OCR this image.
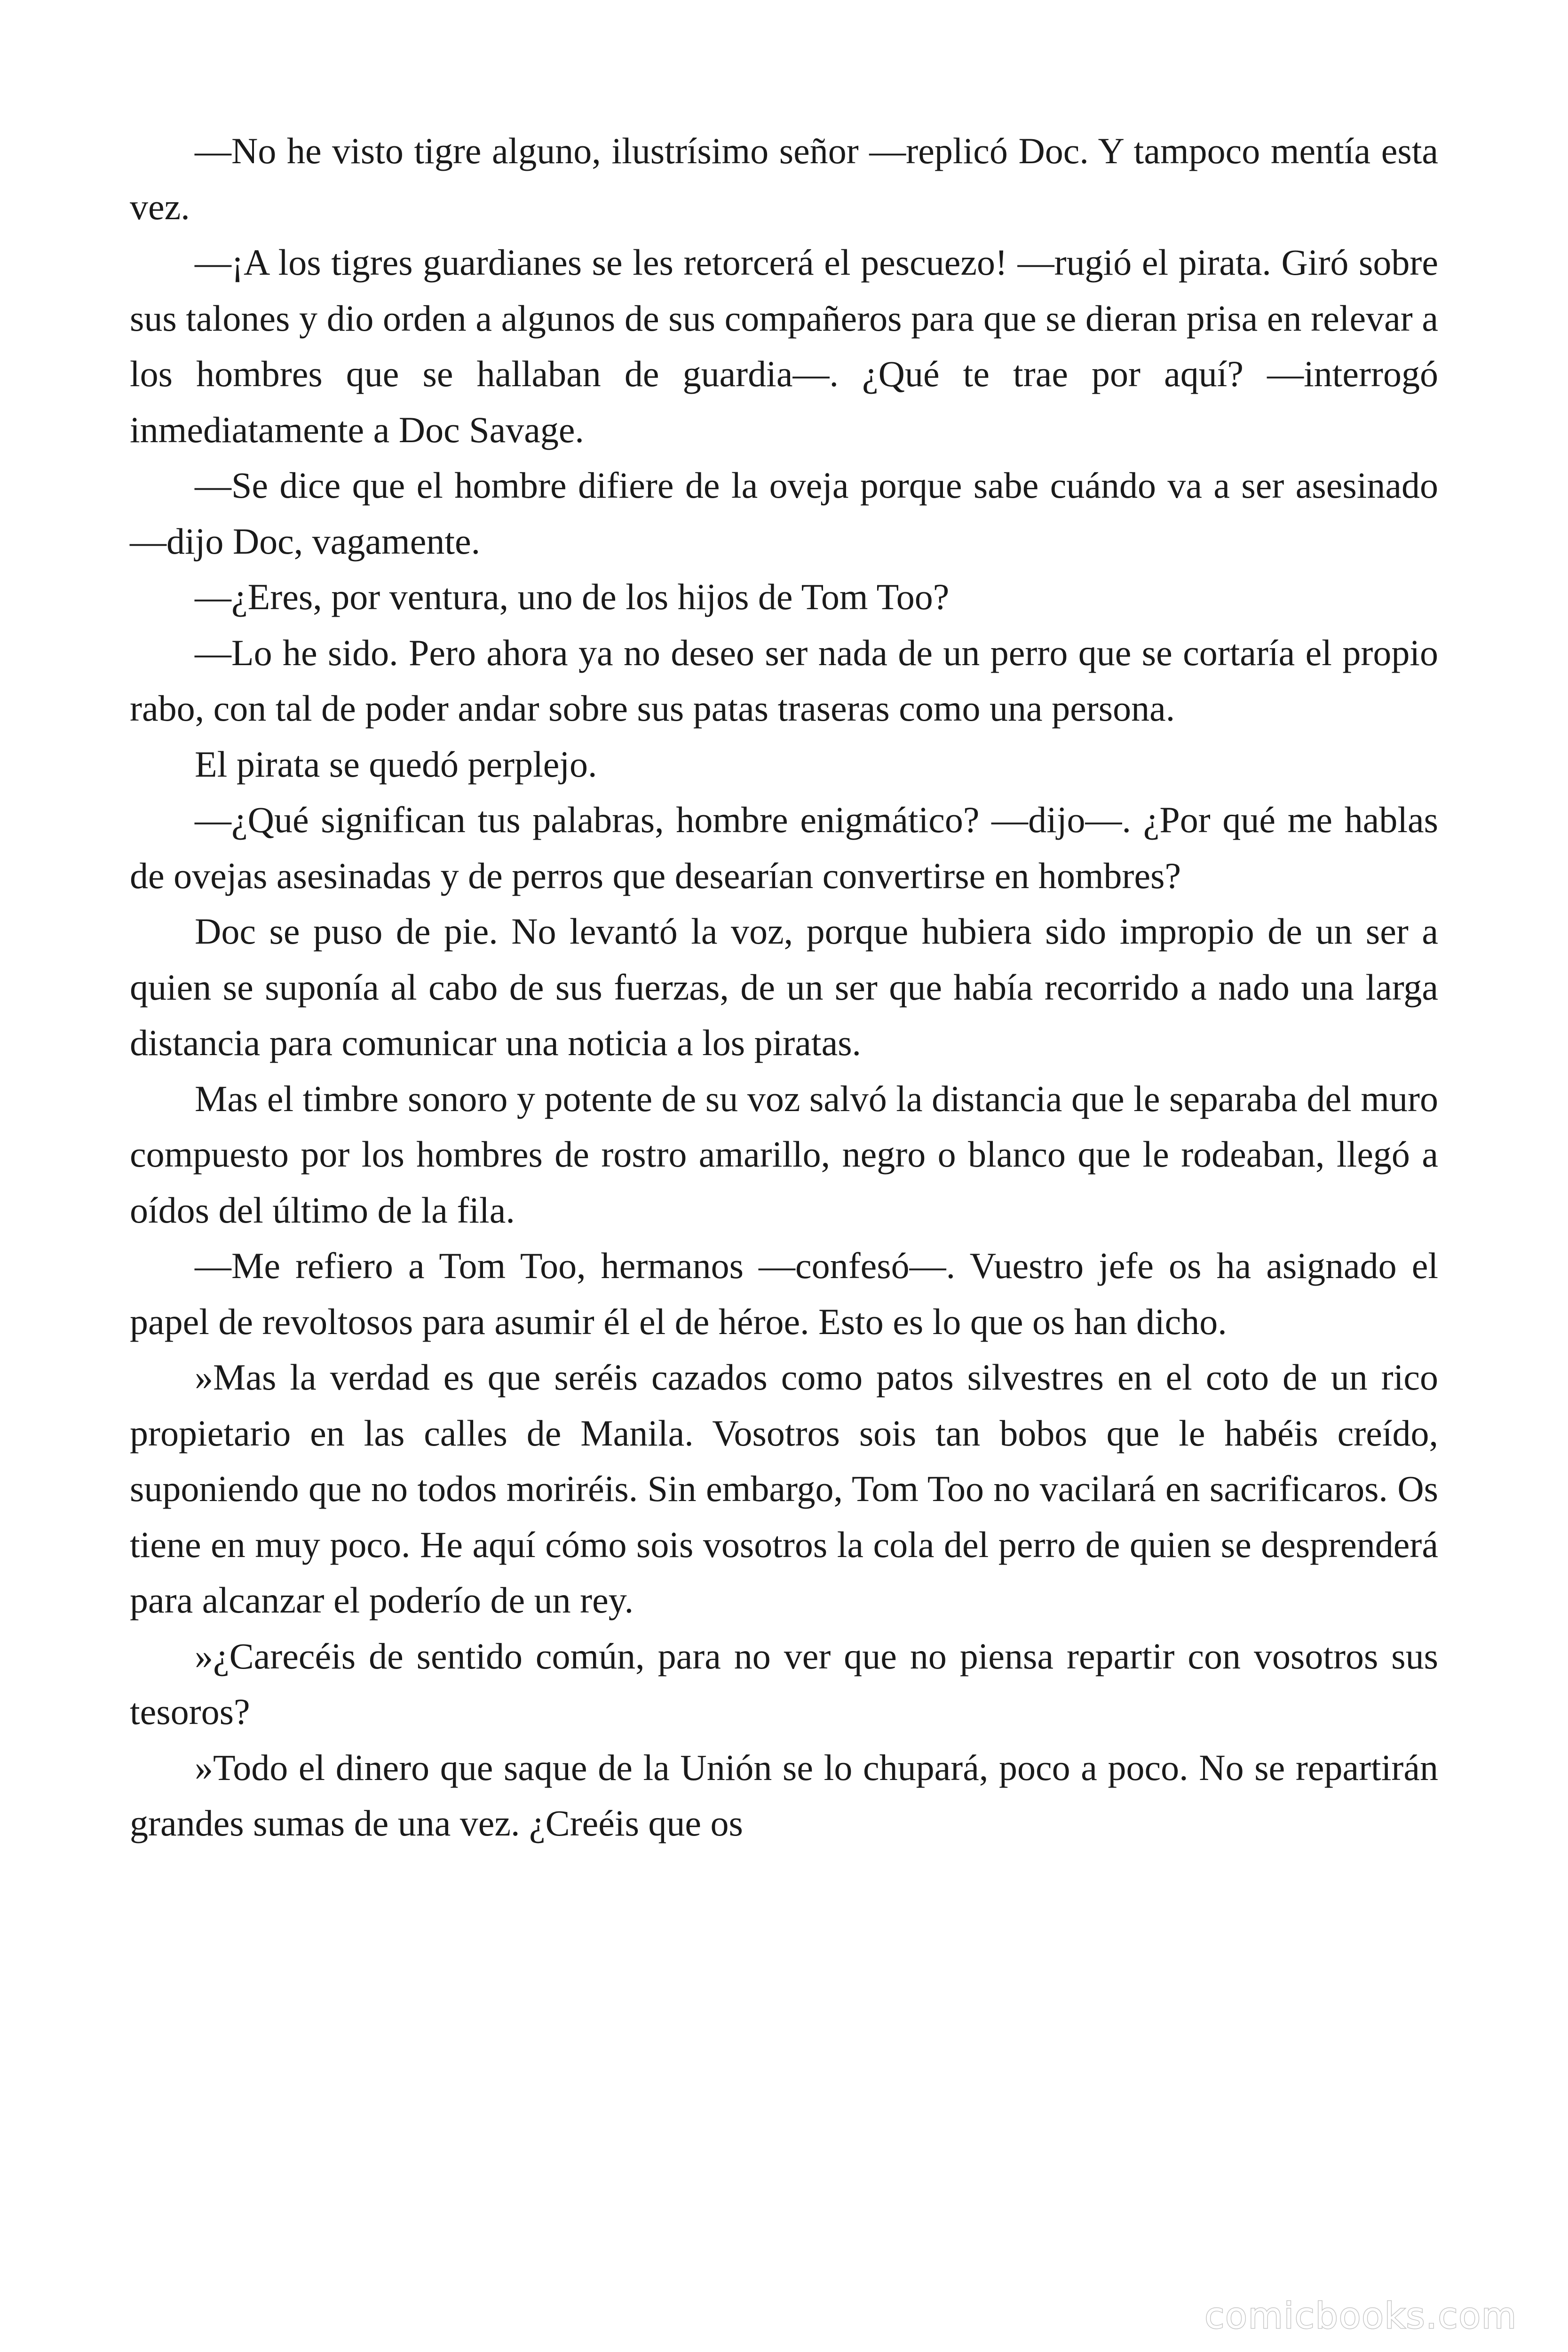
—No he visto tigre alguno, ilustrísimo señor —replicó Doc. Y tampoco mentía esta vez.

—¡A los tigres guardianes se les retorcerá el pescuezo! —rugió el pirata. Giró sobre sus talones y dio orden a algunos de sus compañeros para que se dieran prisa en relevar a los hombres que se hallaban de guardia—. ¿Qué te trae por aquí? —interrogó inmediatamente a Doc Savage.

—Se dice que el hombre difiere de la oveja porque sabe cuándo va a ser asesinado —dijo Doc, vagamente.

—¿Eres, por ventura, uno de los hijos de Tom Too?

—Lo he sido. Pero ahora ya no deseo ser nada de un perro que se cortaría el propio rabo, con tal de poder andar sobre sus patas traseras como una persona.

El pirata se quedó perplejo.

—¿Qué significan tus palabras, hombre enigmático? —dijo—. ¿Por qué me hablas de ovejas asesinadas y de perros que desearían convertirse en hombres?

Doc se puso de pie. No levantó la voz, porque hubiera sido impropio de un ser a quien se suponía al cabo de sus fuerzas, de un ser que había recorrido a nado una larga distancia para comunicar una noticia a los piratas.

Mas el timbre sonoro y potente de su voz salvó la distancia que le separaba del muro compuesto por los hombres de rostro amarillo, negro o blanco que le rodeaban, llegó a oídos del último de la fila.

—Me refiero a Tom Too, hermanos —confesó—. Vuestro jefe os ha asignado el papel de revoltosos para asumir él el de héroe. Esto es lo que os han dicho.

»Mas la verdad es que seréis cazados como patos silvestres en el coto de un rico propietario en las calles de Manila. Vosotros sois tan bobos que le habéis creído, suponiendo que no todos moriréis. Sin embargo, Tom Too no vacilará en sacrificaros. Os tiene en muy poco. He aquí cómo sois vosotros la cola del perro de quien se desprenderá para alcanzar el poderío de un rey.

»¿Carecéis de sentido común, para no ver que no piensa repartir con vosotros sus tesoros?

»Todo el dinero que saque de la Unión se lo chupará, poco a poco. No se repartirán grandes sumas de una vez. ¿Creéis que os

comicbooks.com
